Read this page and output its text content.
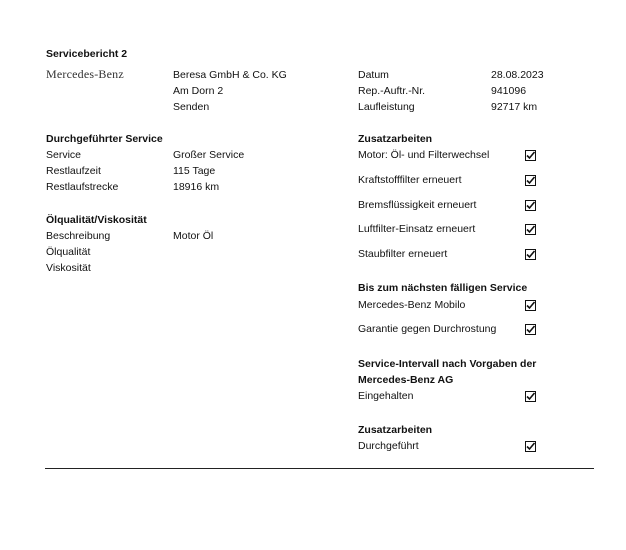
Servicebericht 2
Mercedes-Benz	Beresa GmbH & Co. KG
Am Dorn 2
Senden
Datum	28.08.2023
Rep.-Auftr.-Nr.	941096
Laufleistung	92717 km
Durchgeführter Service
Service	Großer Service
Restlaufzeit	115 Tage
Restlaufstrecke	18916 km
Ölqualität/Viskosität
Beschreibung	Motor Öl
Ölqualität
Viskosität
Zusatzarbeiten
Motor: Öl- und Filterwechsel
Kraftstofffilter erneuert
Bremsflüssigkeit erneuert
Luftfilter-Einsatz erneuert
Staubfilter erneuert
Bis zum nächsten fälligen Service
Mercedes-Benz Mobilo
Garantie gegen Durchrostung
Service-Intervall nach Vorgaben der
Mercedes-Benz AG
Eingehalten
Zusatzarbeiten
Durchgeführt
